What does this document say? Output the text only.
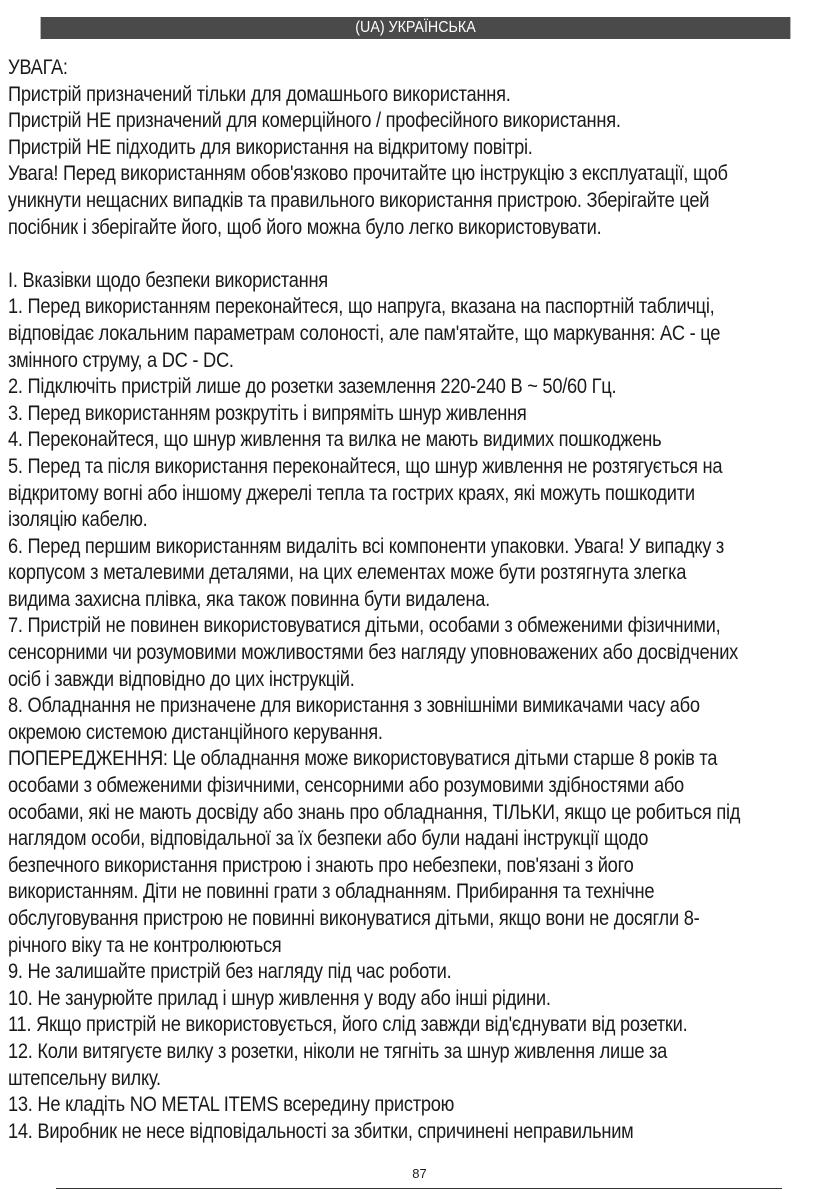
(UA) УКРАЇНСЬКА
УВАГА:
Пристрій призначений тільки для домашнього використання.
Пристрій НЕ призначений для комерційного / професійного використання.
Пристрій НЕ підходить для використання на відкритому повітрі.
Увага! Перед використанням обов'язково прочитайте цю інструкцію з експлуатації, щоб
уникнути нещасних випадків та правильного використання пристрою. Зберігайте цей
посібник і зберігайте його, щоб його можна було легко використовувати.
I. Вказівки щодо безпеки використання
1. Перед використанням переконайтеся, що напруга, вказана на паспортній табличці,
відповідає локальним параметрам солоності, але пам'ятайте, що маркування: AC - це
змінного струму, а DC - DC.
2. Підключіть пристрій лише до розетки заземлення 220-240 В ~ 50/60 Гц.
3. Перед використанням розкрутіть і випряміть шнур живлення
4. Переконайтеся, що шнур живлення та вилка не мають видимих пошкоджень
5. Перед та після використання переконайтеся, що шнур живлення не розтягується на
відкритому вогні або іншому джерелі тепла та гострих краях, які можуть пошкодити
ізоляцію кабелю.
6. Перед першим використанням видаліть всі компоненти упаковки. Увага! У випадку з
корпусом з металевими деталями, на цих елементах може бути розтягнута злегка
видима захисна плівка, яка також повинна бути видалена.
7. Пристрій не повинен використовуватися дітьми, особами з обмеженими фізичними,
сенсорними чи розумовими можливостями без нагляду уповноважених або досвідчених
осіб і завжди відповідно до цих інструкцій.
8. Обладнання не призначене для використання з зовнішніми вимикачами часу або
окремою системою дистанційного керування.
ПОПЕРЕДЖЕННЯ: Це обладнання може використовуватися дітьми старше 8 років та
особами з обмеженими фізичними, сенсорними або розумовими здібностями або
особами, які не мають досвіду або знань про обладнання, ТІЛЬКИ, якщо це робиться під
наглядом особи, відповідальної за їх безпеки або були надані інструкції щодо
безпечного використання пристрою і знають про небезпеки, пов'язані з його
використанням. Діти не повинні грати з обладнанням. Прибирання та технічне
обслуговування пристрою не повинні виконуватися дітьми, якщо вони не досягли 8-
річного віку та не контролюються
9. Не залишайте пристрій без нагляду під час роботи.
10. Не занурюйте прилад і шнур живлення у воду або інші рідини.
11. Якщо пристрій не використовується, його слід завжди від'єднувати від розетки.
12. Коли витягуєте вилку з розетки, ніколи не тягніть за шнур живлення лише за
штепсельну вилку.
13. Не кладіть NO METAL ITEMS всередину пристрою
14. Виробник не несе відповідальності за збитки, спричинені неправильним
87
